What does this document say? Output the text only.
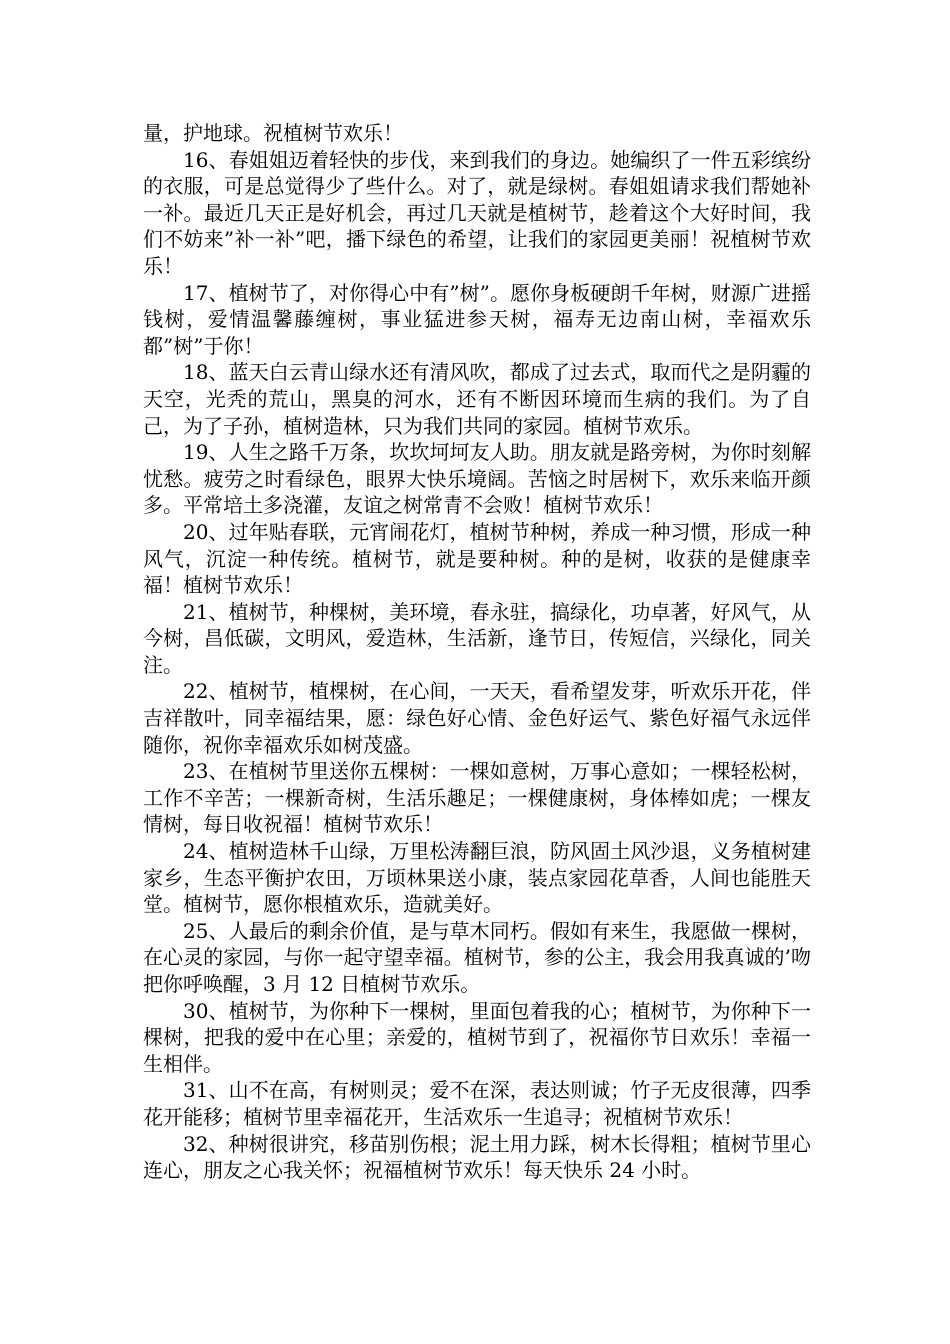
量，护地球。祝植树节欢乐！

16、春姐姐迈着轻快的步伐，来到我们的身边。她编织了一件五彩缤纷的衣服，可是总觉得少了些什么。对了，就是绿树。春姐姐请求我们帮她补一补。最近几天正是好机会，再过几天就是植树节，趁着这个大好时间，我们不妨来”补一补”吧，播下绿色的希望，让我们的家园更美丽！祝植树节欢乐！

17、植树节了，对你得心中有”树”。愿你身板硬朗千年树，财源广进摇钱树，爱情温馨藤缠树，事业猛进参天树，福寿无边南山树，幸福欢乐都”树”于你！

18、蓝天白云青山绿水还有清风吹，都成了过去式，取而代之是阴霾的天空，光秃的荒山，黑臭的河水，还有不断因环境而生病的我们。为了自己，为了子孙，植树造林，只为我们共同的家园。植树节欢乐。

19、人生之路千万条，坎坎坷坷友人助。朋友就是路旁树，为你时刻解忧愁。疲劳之时看绿色，眼界大快乐境阔。苦恼之时居树下，欢乐来临开颜多。平常培土多浇灌，友谊之树常青不会败！植树节欢乐！

20、过年贴春联，元宵闹花灯，植树节种树，养成一种习惯，形成一种风气，沉淀一种传统。植树节，就是要种树。种的是树，收获的是健康幸福！植树节欢乐！

21、植树节，种棵树，美环境，春永驻，搞绿化，功卓著，好风气，从今树，昌低碳，文明风，爱造林，生活新，逢节日，传短信，兴绿化，同关注。

22、植树节，植棵树，在心间，一天天，看希望发芽，听欢乐开花，伴吉祥散叶，同幸福结果，愿：绿色好心情、金色好运气、紫色好福气永远伴随你，祝你幸福欢乐如树茂盛。

23、在植树节里送你五棵树：一棵如意树，万事心意如；一棵轻松树，工作不辛苦；一棵新奇树，生活乐趣足；一棵健康树，身体棒如虎；一棵友情树，每日收祝福！植树节欢乐！

24、植树造林千山绿，万里松涛翻巨浪，防风固土风沙退，义务植树建家乡，生态平衡护农田，万顷林果送小康，装点家园花草香，人间也能胜天堂。植树节，愿你根植欢乐，造就美好。

25、人最后的剩余价值，是与草木同朽。假如有来生，我愿做一棵树，在心灵的家园，与你一起守望幸福。植树节，参的公主，我会用我真诚的’吻把你呼唤醒，3 月 12 日植树节欢乐。

30、植树节，为你种下一棵树，里面包着我的心；植树节，为你种下一棵树，把我的爱中在心里；亲爱的，植树节到了，祝福你节日欢乐！幸福一生相伴。

31、山不在高，有树则灵；爱不在深，表达则诚；竹子无皮很薄，四季花开能移；植树节里幸福花开，生活欢乐一生追寻；祝植树节欢乐！

32、种树很讲究，移苗别伤根；泥土用力踩，树木长得粗；植树节里心连心，朋友之心我关怀；祝福植树节欢乐！每天快乐 24 小时。
